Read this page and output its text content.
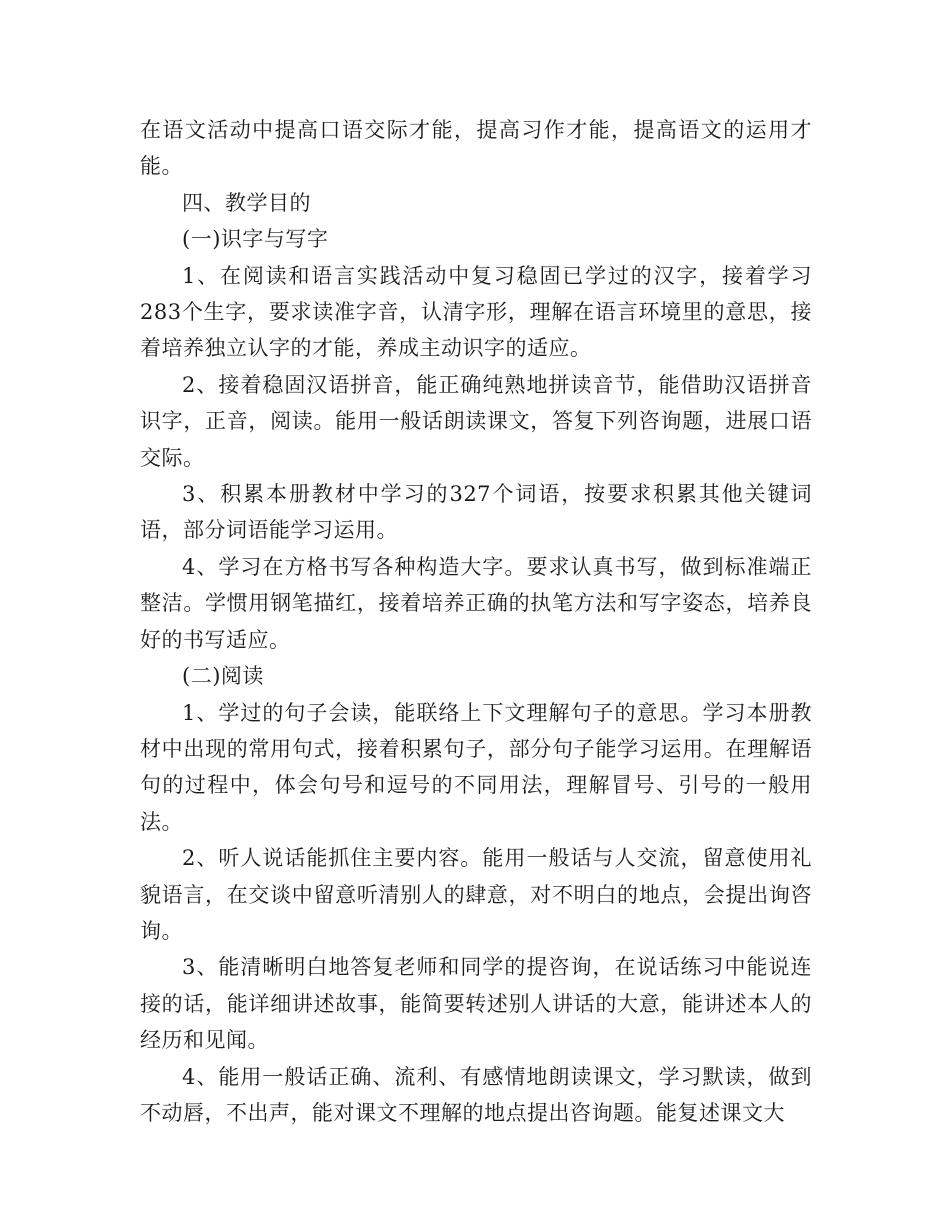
在语文活动中提高口语交际才能，提高习作才能，提高语文的运用才能。

四、教学目的

(一)识字与写字

1、在阅读和语言实践活动中复习稳固已学过的汉字，接着学习283个生字，要求读准字音，认清字形，理解在语言环境里的意思，接着培养独立认字的才能，养成主动识字的适应。

2、接着稳固汉语拼音，能正确纯熟地拼读音节，能借助汉语拼音识字，正音，阅读。能用一般话朗读课文，答复下列咨询题，进展口语交际。

3、积累本册教材中学习的327个词语，按要求积累其他关键词语，部分词语能学习运用。

4、学习在方格书写各种构造大字。要求认真书写，做到标准端正整洁。学惯用钢笔描红，接着培养正确的执笔方法和写字姿态，培养良好的书写适应。

(二)阅读

1、学过的句子会读，能联络上下文理解句子的意思。学习本册教材中出现的常用句式，接着积累句子，部分句子能学习运用。在理解语句的过程中，体会句号和逗号的不同用法，理解冒号、引号的一般用法。

2、听人说话能抓住主要内容。能用一般话与人交流，留意使用礼貌语言，在交谈中留意听清别人的肆意，对不明白的地点，会提出询咨询。

3、能清晰明白地答复老师和同学的提咨询，在说话练习中能说连接的话，能详细讲述故事，能简要转述别人讲话的大意，能讲述本人的经历和见闻。

4、能用一般话正确、流利、有感情地朗读课文，学习默读，做到不动唇，不出声，能对课文不理解的地点提出咨询题。能复述课文大
